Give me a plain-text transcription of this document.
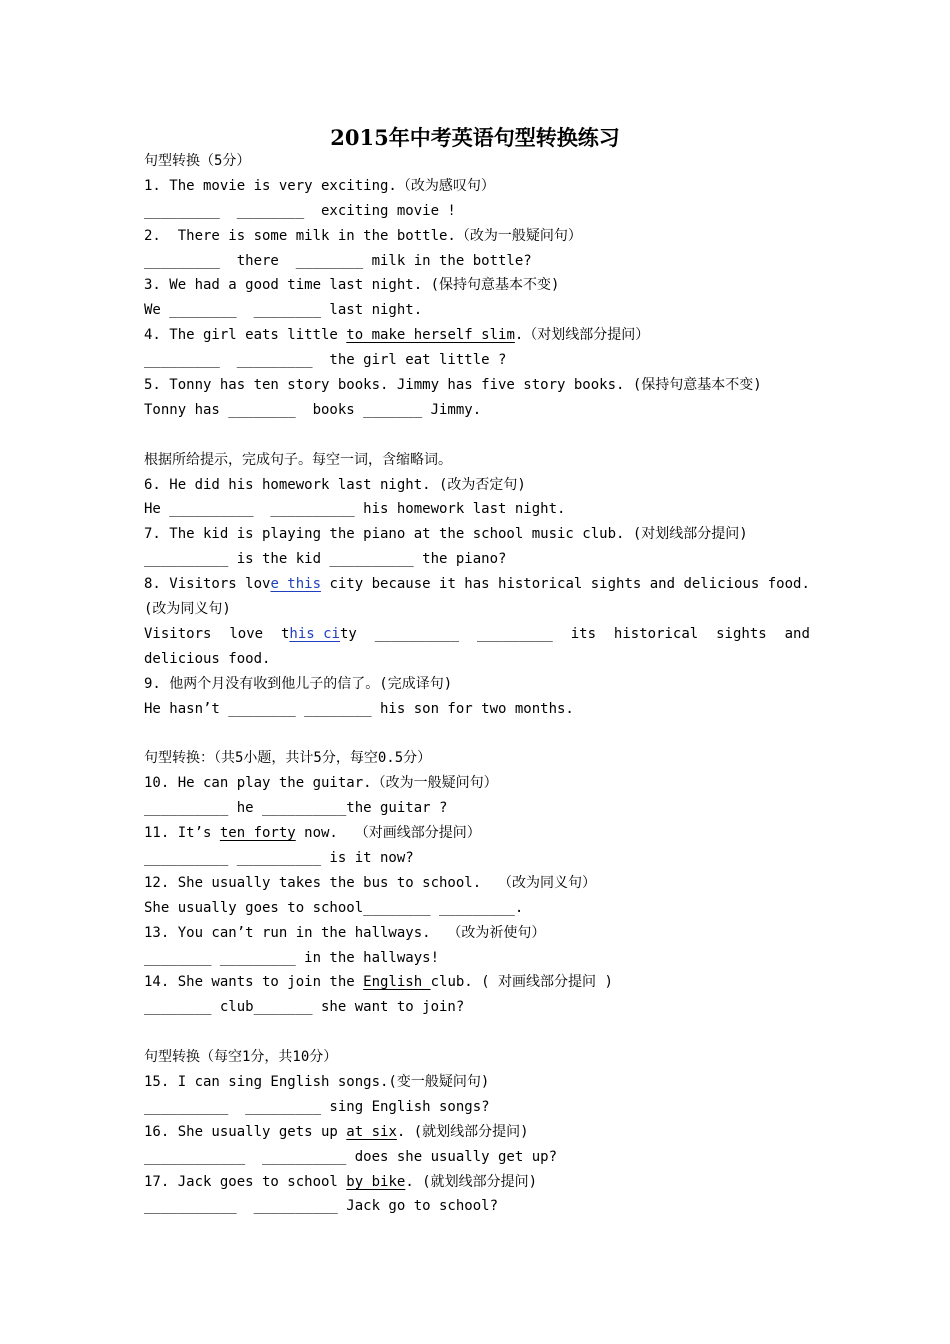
2015年中考英语句型转换练习
句型转换（5分）
1. The movie is very exciting.（改为感叹句）
_________  ________  exciting movie !
2.  There is some milk in the bottle.（改为一般疑问句）
_________  there  ________ milk in the bottle?
3. We had a good time last night. (保持句意基本不变)
We ________  ________ last night.
4. The girl eats little to make herself slim.（对划线部分提问）
_________  _________  the girl eat little ?
5. Tonny has ten story books. Jimmy has five story books. (保持句意基本不变)
Tonny has ________  books _______ Jimmy.
根据所给提示，完成句子。每空一词，含缩略词。
6. He did his homework last night. (改为否定句)
He __________  __________ his homework last night.
7. The kid is playing the piano at the school music club. (对划线部分提问)
__________ is the kid __________ the piano?
8. Visitors love this city because it has historical sights and delicious food.
(改为同义句)
Visitors love this city __________ _________ its historical sights and
delicious food.
9. 他两个月没有收到他儿子的信了。(完成译句)
He hasn’t ________ ________ his son for two months.
句型转换：（共5小题，共计5分，每空0.5分）
10. He can play the guitar.（改为一般疑问句）
__________ he __________the guitar ?
11. It’s ten forty now.  （对画线部分提问）
__________ __________ is it now?
12. She usually takes the bus to school.  （改为同义句）
She usually goes to school________ _________.
13. You can’t run in the hallways.  （改为祈使句）
________ _________ in the hallways!
14. She wants to join the English club. ( 对画线部分提问 )
________ club_______ she want to join?
句型转换（每空1分，共10分）
15. I can sing English songs.(变一般疑问句)
__________  _________ sing English songs?
16. She usually gets up at six. (就划线部分提问)
____________  __________ does she usually get up?
17. Jack goes to school by bike. (就划线部分提问)
___________  __________ Jack go to school?
